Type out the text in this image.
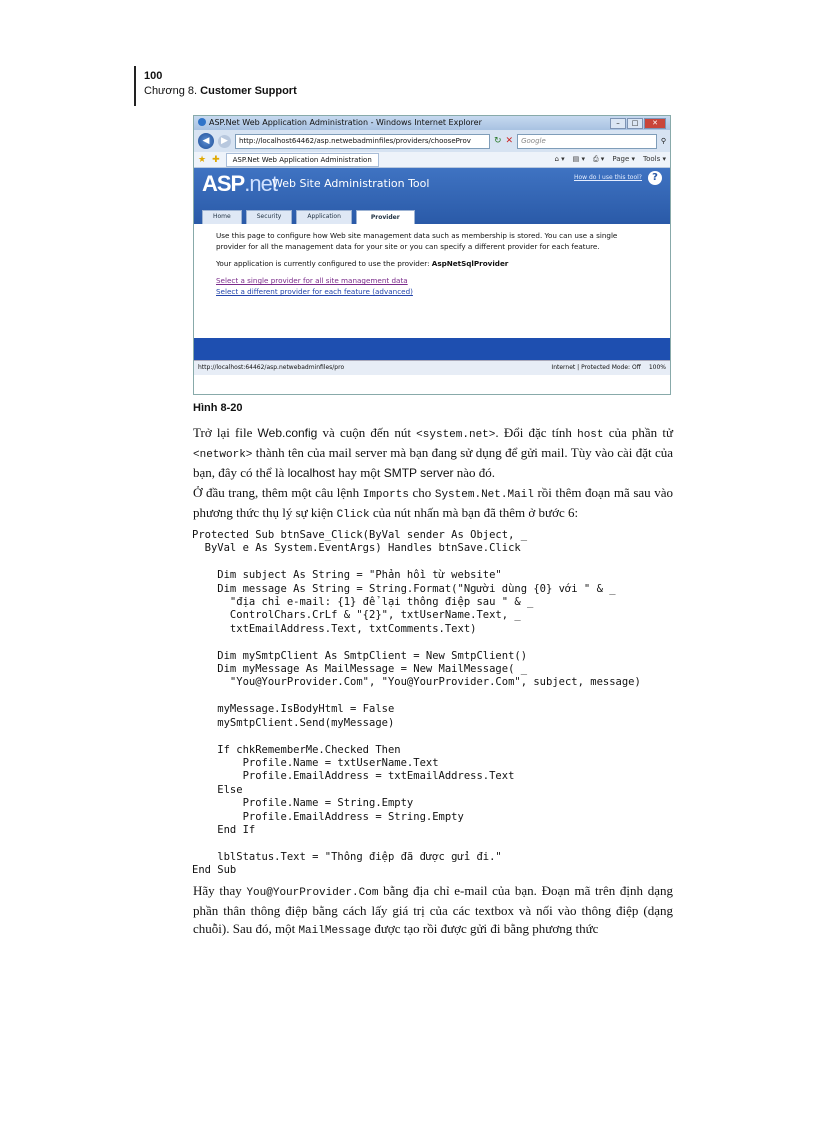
100
Chương 8. Customer Support
ASP.Net Web Application Administration - Windows Internet Explorer	–	□	✕
◀	▶	http://localhost64462/asp.netwebadminfiles/providers/chooseProv	↻ ✕	Google	⚲
★ ✚	ASP.Net Web Application Administration	⌂ ▾ ▤ ▾ ⎙ ▾ Page ▾ Tools ▾
ASP.net
Web Site Administration Tool	How do I use this tool?	?
Home	Security	Application	Provider

Use this page to configure how Web site management data such as membership is stored. You can use a single provider for all the management data for your site or you can specify a different provider for each feature.

Your application is currently configured to use the provider: AspNetSqlProvider

Select a single provider for all site management data
Select a different provider for each feature (advanced)
http://localhost:64462/asp.netwebadminfiles/pro	Internet | Protected Mode: Off 100%
Hình 8-20

Trở lại file Web.config và cuộn đến nút <system.net>. Đổi đặc tính host của phần tử <network> thành tên của mail server mà bạn đang sử dụng để gửi mail. Tùy vào cài đặt của bạn, đây có thể là localhost hay một SMTP server nào đó.

Ở đầu trang, thêm một câu lệnh Imports cho System.Net.Mail rồi thêm đoạn mã sau vào phương thức thụ lý sự kiện Click của nút nhấn mà bạn đã thêm ở bước 6:

Protected Sub btnSave_Click(ByVal sender As Object, _
ByVal e As System.EventArgs) Handles btnSave.Click

Dim subject As String = "Phản hồi từ website"
Dim message As String = String.Format("Người dùng {0} với " & _
"địa chỉ e-mail: {1} để lại thông điệp sau " & _
ControlChars.CrLf & "{2}", txtUserName.Text, _
txtEmailAddress.Text, txtComments.Text)

Dim mySmtpClient As SmtpClient = New SmtpClient()
Dim myMessage As MailMessage = New MailMessage( _
"You@YourProvider.Com", "You@YourProvider.Com", subject, message)

myMessage.IsBodyHtml = False
mySmtpClient.Send(myMessage)

If chkRememberMe.Checked Then
Profile.Name = txtUserName.Text
Profile.EmailAddress = txtEmailAddress.Text
Else
Profile.Name = String.Empty
Profile.EmailAddress = String.Empty
End If

lblStatus.Text = "Thông điệp đã được gửi đi."
End Sub

Hãy thay You@YourProvider.Com bằng địa chỉ e-mail của bạn. Đoạn mã trên định dạng phần thân thông điệp bằng cách lấy giá trị của các textbox và nối vào thông điệp (dạng chuỗi). Sau đó, một MailMessage được tạo rồi được gửi đi bằng phương thức
